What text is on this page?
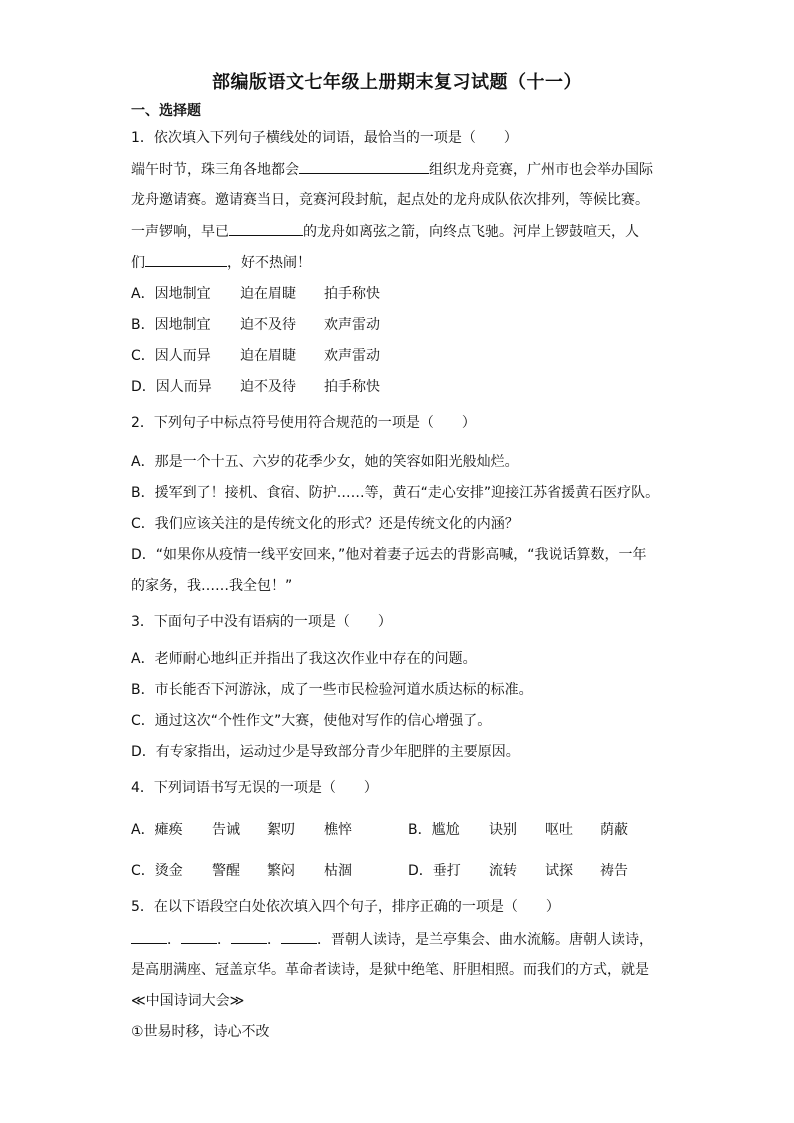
部编版语文七年级上册期末复习试题（十一）
一、选择题
1．依次填入下列句子横线处的词语，最恰当的一项是（　　）
端午时节，珠三角各地都会	组织龙舟竞赛，广州市也会举办国际
龙舟邀请赛。邀请赛当日，竞赛河段封航，起点处的龙舟成队依次排列，等候比赛。
一声锣响，早已	的龙舟如离弦之箭，向终点飞驰。河岸上锣鼓喧天，人
们	，好不热闹！
A．因地制宜 迫在眉睫 拍手称快
B．因地制宜 迫不及待 欢声雷动
C．因人而异 迫在眉睫 欢声雷动
D．因人而异 迫不及待 拍手称快
2．下列句子中标点符号使用符合规范的一项是（　　）
A．那是一个十五、六岁的花季少女，她的笑容如阳光般灿烂。
B．援军到了！接机、食宿、防护……等，黄石“走心安排”迎接江苏省援黄石医疗队。
C．我们应该关注的是传统文化的形式？还是传统文化的内涵？
D．“如果你从疫情一线平安回来，”他对着妻子远去的背影高喊，“我说话算数，一年
的家务，我……我全包！”
3．下面句子中没有语病的一项是（　　）
A．老师耐心地纠正并指出了我这次作业中存在的问题。
B．市长能否下河游泳，成了一些市民检验河道水质达标的标准。
C．通过这次“个性作文”大赛，使他对写作的信心增强了。
D．有专家指出，运动过少是导致部分青少年肥胖的主要原因。
4．下列词语书写无误的一项是（　　）
A．瘫痪 告诫 絮叨 樵悴	B．尴尬 诀别 呕吐 荫蔽
C．烫金 警醒 繁闷 枯涸	D．垂打 流转 试探 祷告
5．在以下语段空白处依次填入四个句子，排序正确的一项是（　　）
．	．	．	．晋朝人读诗，是兰亭集会、曲水流觞。唐朝人读诗，
是高朋满座、冠盖京华。革命者读诗，是狱中绝笔、肝胆相照。而我们的方式，就是
≪中国诗词大会≫
①世易时移，诗心不改
